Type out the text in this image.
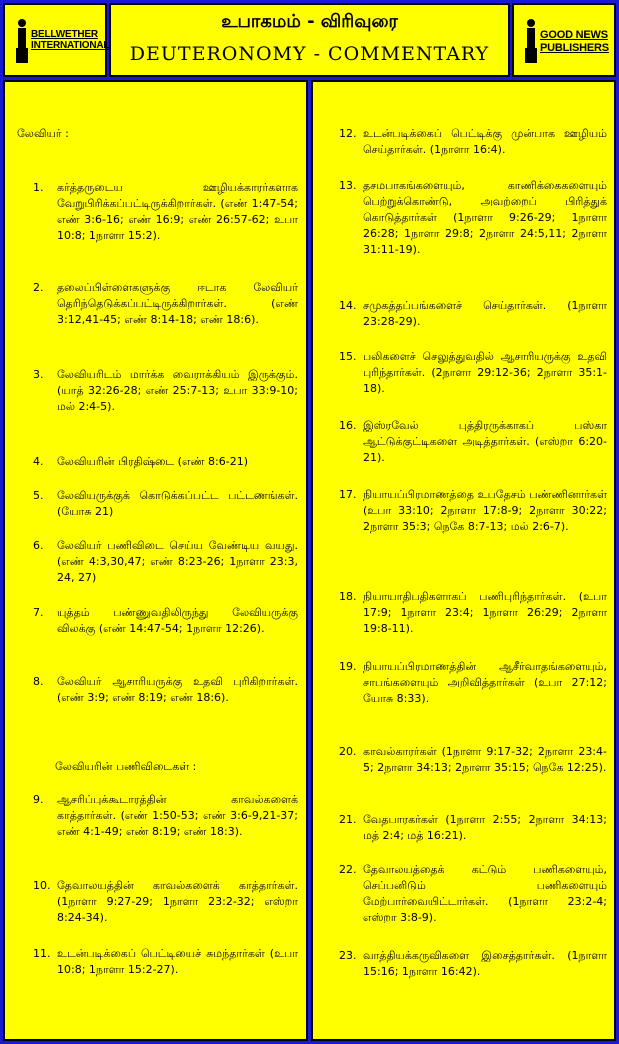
BELLWETHER
INTERNATIONAL
உபாகமம் - விரிவுரை
DEUTERONOMY - COMMENTARY
GOOD NEWS
PUBLISHERS
லேவியர் :
1.	கர்த்தருடைய ஊழியக்காரர்களாக வேறுபிரிக்கப்பட்டிருக்கிறார்கள். (எண் 1:47-54; எண் 3:6-16; எண் 16:9; எண் 26:57-62; உபா 10:8; 1நாளா 15:2).
2.	தலைப்பிள்ளைகளுக்கு ஈடாக லேவியர் தெரிந்தெடுக்கப்பட்டிருக்கிறார்கள். (எண் 3:12,41-45; எண் 8:14-18; எண் 18:6).
3.	லேவியரிடம் மார்க்க வைராக்கியம் இருக்கும். (யாத் 32:26-28; எண் 25:7-13; உபா 33:9-10; மல் 2:4-5).
4.	லேவியரின் பிரதிஷ்டை (எண் 8:6-21)
5.	லேவியருக்குக் கொடுக்கப்பட்ட பட்டணங்கள். (யோசு 21)
6.	லேவியர் பணிவிடை செய்ய வேண்டிய வயது. (எண் 4:3,30,47; எண் 8:23-26; 1நாளா 23:3, 24, 27)
7.	யுத்தம் பண்ணுவதிலிருந்து லேவியருக்கு விலக்கு (எண் 14:47-54; 1நாளா 12:26).
8.	லேவியர் ஆசாரியருக்கு உதவி புரிகிறார்கள். (எண் 3:9; எண் 8:19; எண் 18:6).
லேவியரின் பணிவிடைகள் :
9.	ஆசரிப்புக்கூடாரத்தின் காவல்களைக் காத்தார்கள். (எண் 1:50-53; எண் 3:6-9,21-37; எண் 4:1-49; எண் 8:19; எண் 18:3).
10. தேவாலயத்தின் காவல்களைக் காத்தார்கள். (1நாளா 9:27-29; 1நாளா 23:2-32; எஸ்றா 8:24-34).
11. உடன்படிக்கைப் பெட்டியைச் சுமந்தார்கள் (உபா 10:8; 1நாளா 15:2-27).
12. உடன்படிக்கைப் பெட்டிக்கு முன்பாக ஊழியம் செய்தார்கள். (1நாளா 16:4).
13. தசமபாகங்களையும், காணிக்கைகளையும் பெற்றுக்கொண்டு, அவற்றைப் பிரித்துக் கொடுத்தார்கள் (1நாளா 9:26-29; 1நாளா 26:28; 1நாளா 29:8; 2நாளா 24:5,11; 2நாளா 31:11-19).
14. சமுகத்தப்பங்களைச் செய்தார்கள். (1நாளா 23:28-29).
15. பலிகளைச் செலுத்துவதில் ஆசாரியருக்கு உதவி புரிந்தார்கள். (2நாளா 29:12-36; 2நாளா 35:1-18).
16. இஸ்ரவேல் புத்திரருக்காகப் பஸ்கா ஆட்டுக்குட்டிகளை அடித்தார்கள். (எஸ்றா 6:20-21).
17. நியாயப்பிரமாணத்தை உபதேசம் பண்ணினார்கள் (உபா 33:10; 2நாளா 17:8-9; 2நாளா 30:22; 2நாளா 35:3; நெகே 8:7-13; மல் 2:6-7).
18. நியாயாதிபதிகளாகப் பணிபுரிந்தார்கள். (உபா 17:9; 1நாளா 23:4; 1நாளா 26:29; 2நாளா 19:8-11).
19. நியாயப்பிரமாணத்தின் ஆசீர்வாதங்களையும், சாபங்களையும் அறிவித்தார்கள் (உபா 27:12; யோசு 8:33).
20. காவல்காரர்கள் (1நாளா 9:17-32; 2நாளா 23:4-5; 2நாளா 34:13; 2நாளா 35:15; நெகே 12:25).
21. வேதபாரகர்கள் (1நாளா 2:55; 2நாளா 34:13; மத் 2:4; மத் 16:21).
22. தேவாலயத்தைக் கட்டும் பணிகளையும், செப்பனிடும் பணிகளையும் மேற்பார்வையிட்டார்கள். (1நாளா 23:2-4; எஸ்றா 3:8-9).
23. வாத்தியக்கருவிகளை இசைத்தார்கள். (1நாளா 15:16; 1நாளா 16:42).
